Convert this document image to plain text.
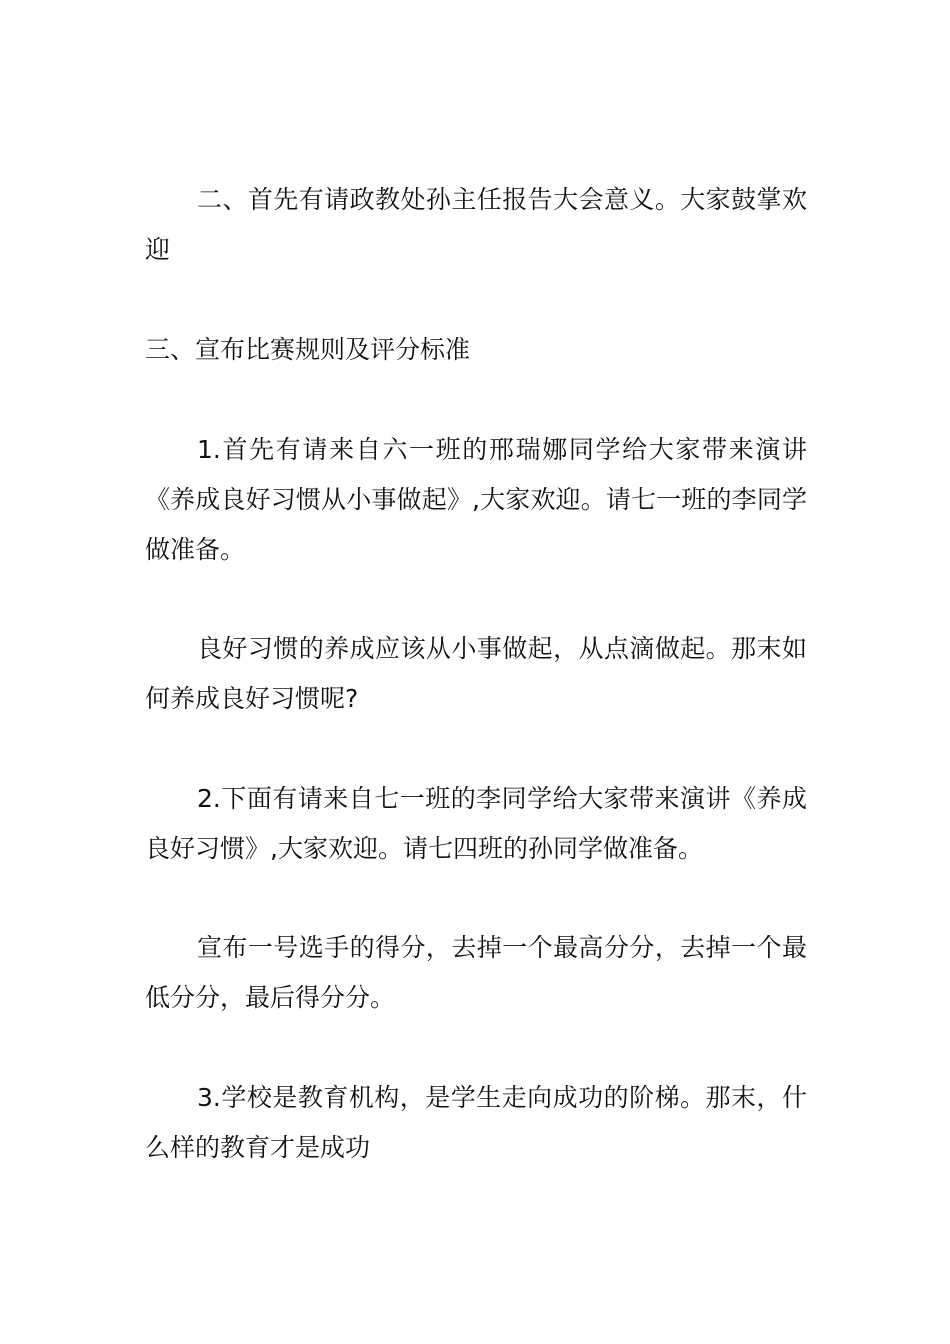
二、首先有请政教处孙主任报告大会意义。大家鼓掌欢迎

三、宣布比赛规则及评分标准

1.首先有请来自六一班的邢瑞娜同学给大家带来演讲《养成良好习惯从小事做起》,大家欢迎。请七一班的李同学做准备。

良好习惯的养成应该从小事做起，从点滴做起。那末如何养成良好习惯呢?

2.下面有请来自七一班的李同学给大家带来演讲《养成良好习惯》,大家欢迎。请七四班的孙同学做准备。

宣布一号选手的得分，去掉一个最高分分，去掉一个最低分分，最后得分分。

3.学校是教育机构，是学生走向成功的阶梯。那末，什么样的教育才是成功
